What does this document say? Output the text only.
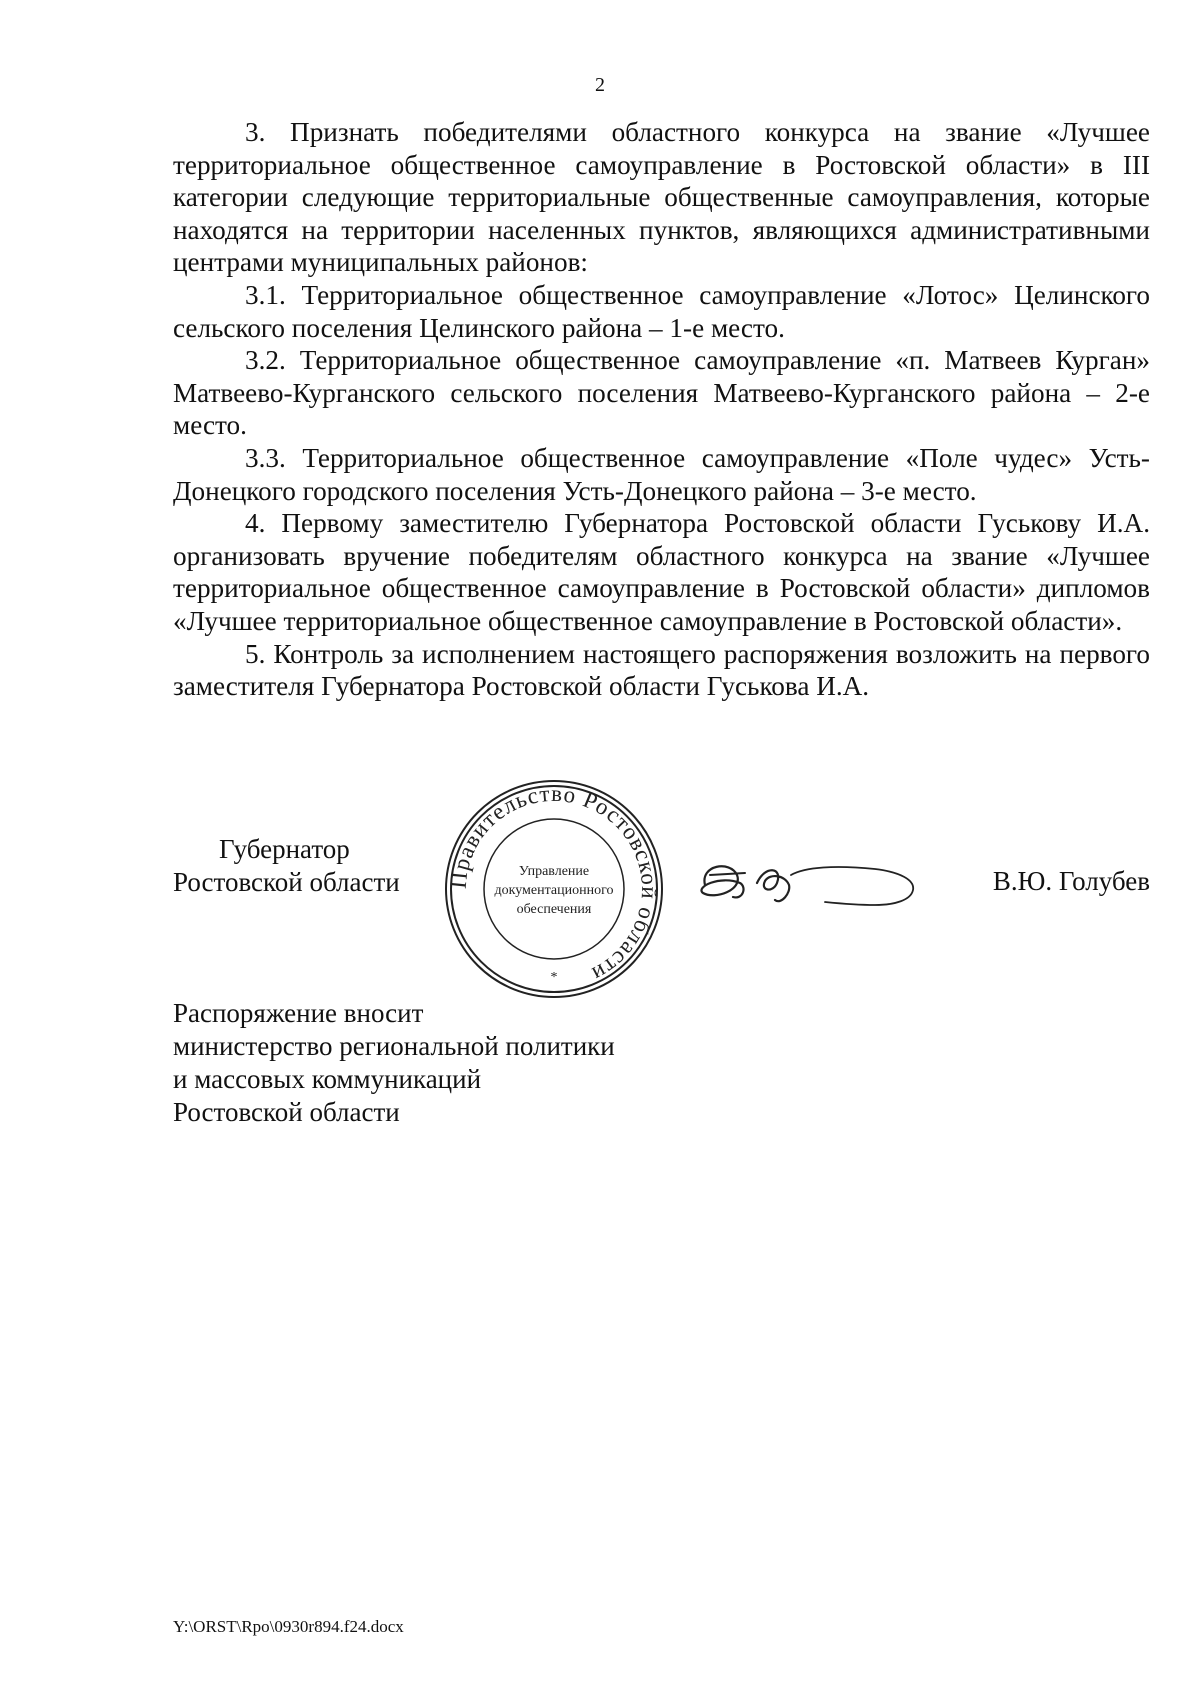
2

3. Признать победителями областного конкурса на звание «Лучшее территориальное общественное самоуправление в Ростовской области» в III категории следующие территориальные общественные самоуправления, которые находятся на территории населенных пунктов, являющихся административными центрами муниципальных районов:

3.1. Территориальное общественное самоуправление «Лотос» Целинского сельского поселения Целинского района – 1-е место.

3.2. Территориальное общественное самоуправление «п. Матвеев Курган» Матвеево-Курганского сельского поселения Матвеево-Курганского района – 2-е место.

3.3. Территориальное общественное самоуправление «Поле чудес» Усть-Донецкого городского поселения Усть-Донецкого района – 3-е место.

4. Первому заместителю Губернатора Ростовской области Гуськову И.А. организовать вручение победителям областного конкурса на звание «Лучшее территориальное общественное самоуправление в Ростовской области» дипломов «Лучшее территориальное общественное самоуправление в Ростовской области».

5. Контроль за исполнением настоящего распоряжения возложить на первого заместителя Губернатора Ростовской области Гуськова И.А.

Губернатор
Ростовской области Правительство Ростовской области
Управление
документационного
обеспечения
*
В.Ю. Голубев
Распоряжение вносит
министерство региональной политики
и массовых коммуникаций
Ростовской области
Y:\ORST\Rpo\0930r894.f24.docx
